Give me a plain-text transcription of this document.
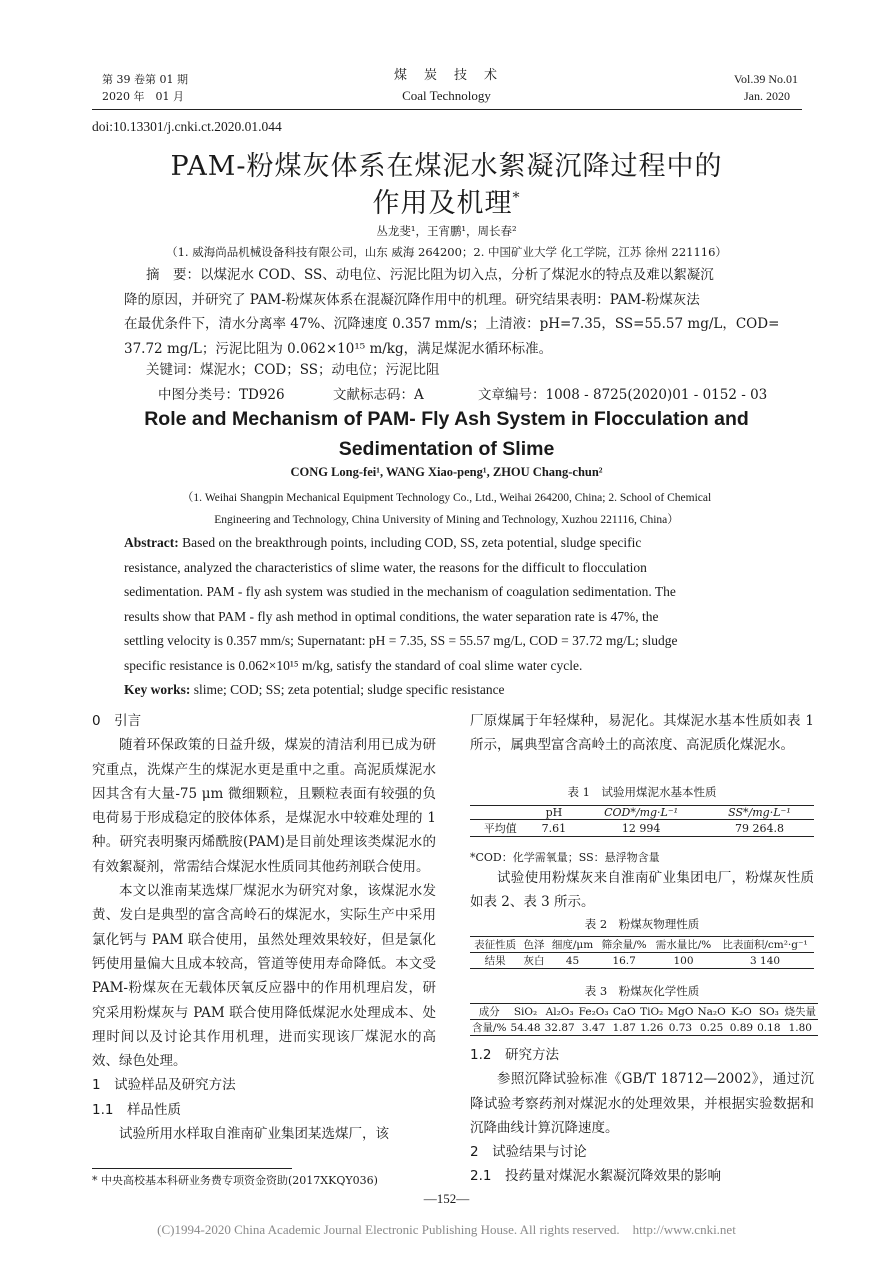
第 39 卷第 01 期
2020 年　01 月
煤　炭　技　术
Coal Technology
Vol.39 No.01
Jan. 2020
doi:10.13301/j.cnki.ct.2020.01.044
PAM-粉煤灰体系在煤泥水絮凝沉降过程中的
作用及机理*
丛龙斐¹，王宵鹏¹，周长春²
（1. 威海尚品机械设备科技有限公司，山东 威海 264200；2. 中国矿业大学 化工学院，江苏 徐州 221116）
摘　要：以煤泥水 COD、SS、动电位、污泥比阻为切入点，分析了煤泥水的特点及难以絮凝沉
降的原因，并研究了 PAM-粉煤灰体系在混凝沉降作用中的机理。研究结果表明：PAM-粉煤灰法
在最优条件下，清水分离率 47%、沉降速度 0.357 mm/s；上清液：pH=7.35，SS=55.57 mg/L，COD=
37.72 mg/L；污泥比阻为 0.062×10¹⁵ m/kg，满足煤泥水循环标准。
关键词：煤泥水；COD；SS；动电位；污泥比阻
中图分类号：TD926	文献标志码：A	文章编号：1008 - 8725(2020)01 - 0152 - 03
Role and Mechanism of PAM- Fly Ash System in Flocculation and
Sedimentation of Slime
CONG Long-fei¹, WANG Xiao-peng¹, ZHOU Chang-chun²
（1. Weihai Shangpin Mechanical Equipment Technology Co., Ltd., Weihai 264200, China; 2. School of Chemical
Engineering and Technology, China University of Mining and Technology, Xuzhou 221116, China）
Abstract: Based on the breakthrough points, including COD, SS, zeta potential, sludge specific
resistance, analyzed the characteristics of slime water, the reasons for the difficult to flocculation
sedimentation. PAM - fly ash system was studied in the mechanism of coagulation sedimentation. The
results show that PAM - fly ash method in optimal conditions, the water separation rate is 47%, the
settling velocity is 0.357 mm/s; Supernatant: pH = 7.35, SS = 55.57 mg/L, COD = 37.72 mg/L; sludge
specific resistance is 0.062×10¹⁵ m/kg, satisfy the standard of coal slime water cycle.
Key works: slime; COD; SS; zeta potential; sludge specific resistance
0　引言
随着环保政策的日益升级，煤炭的清洁利用已成为研究重点，洗煤产生的煤泥水更是重中之重。高泥质煤泥水因其含有大量-75 μm 微细颗粒，且颗粒表面有较强的负电荷易于形成稳定的胶体体系，是煤泥水中较难处理的 1 种。研究表明聚丙烯酰胺(PAM)是目前处理该类煤泥水的有效絮凝剂，常需结合煤泥水性质同其他药剂联合使用。
本文以淮南某选煤厂煤泥水为研究对象，该煤泥水发黄、发白是典型的富含高岭石的煤泥水，实际生产中采用氯化钙与 PAM 联合使用，虽然处理效果较好，但是氯化钙使用量偏大且成本较高，管道等使用寿命降低。本文受 PAM-粉煤灰在无载体厌氧反应器中的作用机理启发，研究采用粉煤灰与 PAM 联合使用降低煤泥水处理成本、处理时间以及讨论其作用机理，进而实现该厂煤泥水的高效、绿色处理。
1　试验样品及研究方法
1.1　样品性质
试验所用水样取自淮南矿业集团某选煤厂，该
* 中央高校基本科研业务费专项资金资助(2017XKQY036)
厂原煤属于年轻煤种，易泥化。其煤泥水基本性质如表 1 所示，属典型富含高岭土的高浓度、高泥质化煤泥水。
表 1　试验用煤泥水基本性质
	pH	COD*/mg·L⁻¹	SS*/mg·L⁻¹
平均值	7.61	12 994	79 264.8
*COD：化学需氧量；SS：悬浮物含量
试验使用粉煤灰来自淮南矿业集团电厂，粉煤灰性质如表 2、表 3 所示。
表 2　粉煤灰物理性质
表征性质	色泽	细度/μm	筛余量/%	需水量比/%	比表面积/cm²·g⁻¹
结果	灰白	45	16.7	100	3 140
表 3　粉煤灰化学性质
成分	SiO₂	Al₂O₃	Fe₂O₃	CaO	TiO₂	MgO	Na₂O	K₂O	SO₃	烧失量
含量/%	54.48	32.87	3.47	1.87	1.26	0.73	0.25	0.89	0.18	1.80
1.2　研究方法
参照沉降试验标准《GB/T 18712—2002》，通过沉降试验考察药剂对煤泥水的处理效果，并根据实验数据和沉降曲线计算沉降速度。
2　试验结果与讨论
2.1　投药量对煤泥水絮凝沉降效果的影响
—152—
(C)1994-2020 China Academic Journal Electronic Publishing House. All rights reserved.　http://www.cnki.net
